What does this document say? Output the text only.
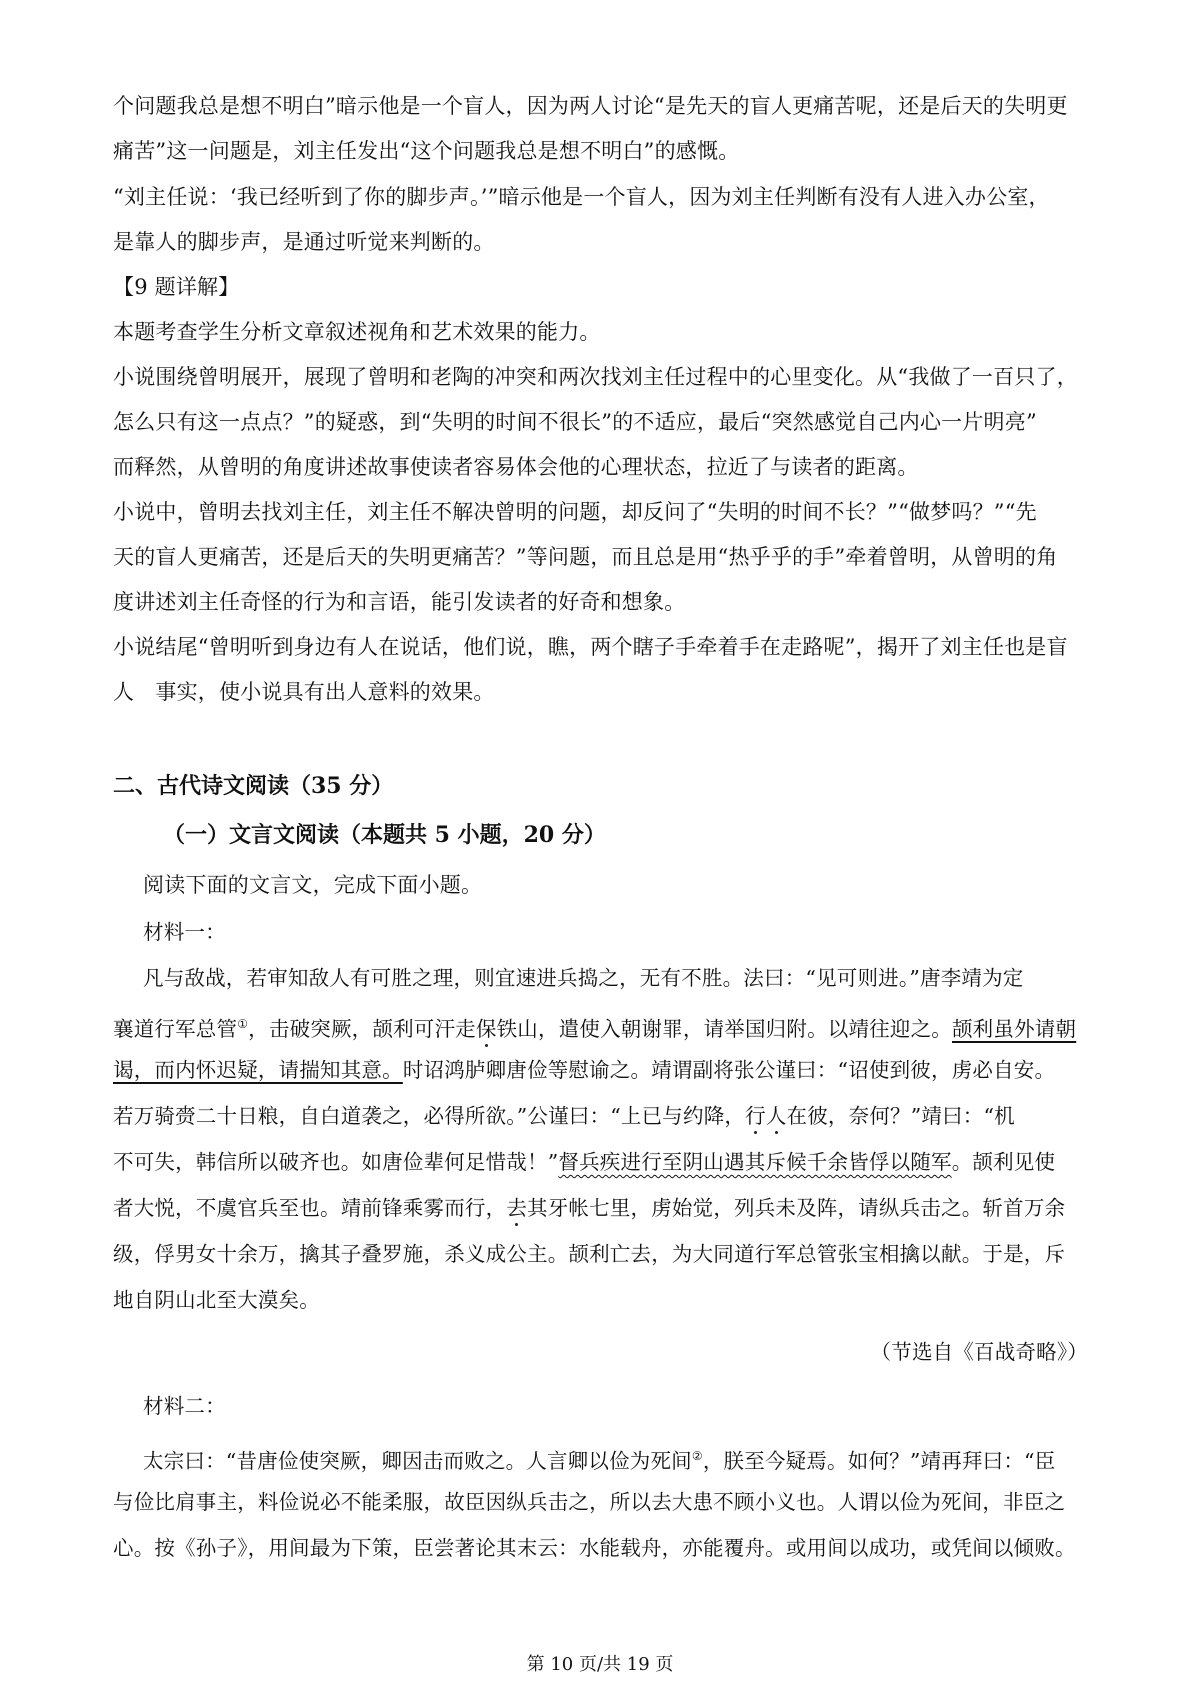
个问题我总是想不明白”暗示他是一个盲人，因为两人讨论“是先天的盲人更痛苦呢，还是后天的失明更
痛苦”这一问题是，刘主任发出“这个问题我总是想不明白”的感慨。
“刘主任说：‘我已经听到了你的脚步声。’”暗示他是一个盲人，因为刘主任判断有没有人进入办公室，
是靠人的脚步声，是通过听觉来判断的。
【9 题详解】
本题考查学生分析文章叙述视角和艺术效果的能力。
小说围绕曾明展开，展现了曾明和老陶的冲突和两次找刘主任过程中的心里变化。从“我做了一百只了，
怎么只有这一点点？”的疑惑，到“失明的时间不很长”的不适应，最后“突然感觉自己内心一片明亮”
而释然，从曾明的角度讲述故事使读者容易体会他的心理状态，拉近了与读者的距离。
小说中，曾明去找刘主任，刘主任不解决曾明的问题，却反问了“失明的时间不长？”“做梦吗？”“先
天的盲人更痛苦，还是后天的失明更痛苦？”等问题，而且总是用“热乎乎的手”牵着曾明，从曾明的角
度讲述刘主任奇怪的行为和言语，能引发读者的好奇和想象。
小说结尾“曾明听到身边有人在说话，他们说，瞧，两个瞎子手牵着手在走路呢”，揭开了刘主任也是盲
人　事实，使小说具有出人意料的效果。
二、古代诗文阅读（35 分）
（一）文言文阅读（本题共 5 小题，20 分）
阅读下面的文言文，完成下面小题。
材料一：
凡与敌战，若审知敌人有可胜之理，则宜速进兵捣之，无有不胜。法曰：“见可则进。”唐李靖为定
襄道行军总管①，击破突厥，颉利可汗走保铁山，遣使入朝谢罪，请举国归附。以靖往迎之。颉利虽外请朝
谒，而内怀迟疑，请揣知其意。时诏鸿胪卿唐俭等慰谕之。靖谓副将张公谨曰：“诏使到彼，虏必自安。
若万骑赍二十日粮，自白道袭之，必得所欲。”公谨曰：“上已与约降，行人在彼，奈何？”靖曰：“机
不可失，韩信所以破齐也。如唐俭辈何足惜哉！”督兵疾进行至阴山遇其斥候千余皆俘以随军。颉利见使
者大悦，不虞官兵至也。靖前锋乘雾而行，去其牙帐七里，虏始觉，列兵未及阵，请纵兵击之。斩首万余
级，俘男女十余万，擒其子叠罗施，杀义成公主。颉利亡去，为大同道行军总管张宝相擒以献。于是，斥
地自阴山北至大漠矣。
（节选自《百战奇略》）
材料二：
太宗曰：“昔唐俭使突厥，卿因击而败之。人言卿以俭为死间②，朕至今疑焉。如何？”靖再拜曰：“臣
与俭比肩事主，料俭说必不能柔服，故臣因纵兵击之，所以去大患不顾小义也。人谓以俭为死间，非臣之
心。按《孙子》，用间最为下策，臣尝著论其末云：水能载舟，亦能覆舟。或用间以成功，或凭间以倾败。
第 10 页/共 19 页
